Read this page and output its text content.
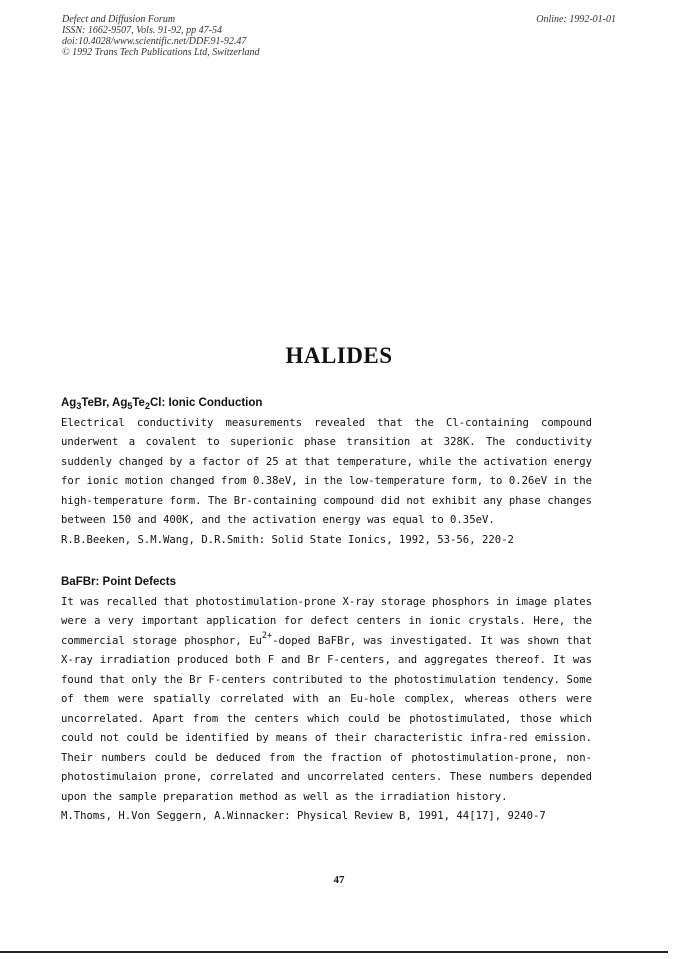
Defect and Diffusion Forum
ISSN: 1662-9507, Vols. 91-92, pp 47-54
doi:10.4028/www.scientific.net/DDF.91-92.47
© 1992 Trans Tech Publications Ltd, Switzerland
Online: 1992-01-01
HALIDES
$Ag_3TeBr$, $Ag_5Te_2Cl$: Ionic Conduction

Electrical conductivity measurements revealed that the Cl-containing compound underwent a covalent to superionic phase transition at 328K. The conductivity suddenly changed by a factor of 25 at that temperature, while the activation energy for ionic motion changed from 0.38eV, in the low-temperature form, to 0.26eV in the high-temperature form. The Br-containing compound did not exhibit any phase changes between 150 and 400K, and the activation energy was equal to 0.35eV.

R.B.Beeken, S.M.Wang, D.R.Smith: Solid State Ionics, 1992, 53-56, 220-2
BaFBr: Point Defects

It was recalled that photostimulation-prone X-ray storage phosphors in image plates were a very important application for defect centers in ionic crystals. Here, the commercial storage phosphor, $Eu^{2+}$-doped BaFBr, was investigated. It was shown that X-ray irradiation produced both F and Br F-centers, and aggregates thereof. It was found that only the Br F-centers contributed to the photostimulation tendency. Some of them were spatially correlated with an Eu-hole complex, whereas others were uncorrelated. Apart from the centers which could be photostimulated, those which could not could be identified by means of their characteristic infra-red emission. Their numbers could be deduced from the fraction of photostimulation-prone, non-photostimulaion prone, correlated and uncorrelated centers. These numbers depended upon the sample preparation method as well as the irradiation history.

M.Thoms, H.Von Seggern, A.Winnacker: Physical Review B, 1991, 44[17], 9240-7
47
